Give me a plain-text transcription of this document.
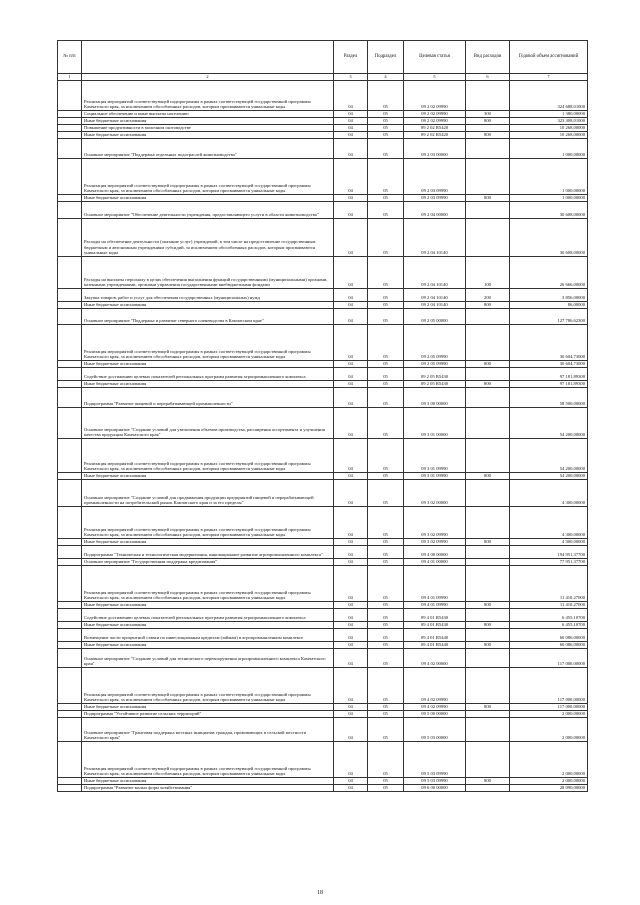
№ п/п		Раздел	Подраздел	Целевая статья	Вид расходов	Годовой объем ассигнований
1	2	3	4	5	6	7
	Реализация мероприятий соответствующей подпрограммы в рамках соответствующей государственной программы Камчатского края, за исключением обособленных расходов, которым присваиваются уникальные коды	04	05	09 2 02 09990		324 688,01000
	Социальное обеспечение и иные выплаты населению	04	05	09 2 02 09990	300	1 380,00000
	Иные бюджетные ассигнования	04	05	09 2 02 09990	800	323 308,01000
	Повышение продуктивности в молочном скотоводстве	04	05	09 2 02 R5420		10 268,00000
	Иные бюджетные ассигнования	04	05	09 2 02 R5420	800	10 268,00000
	Основное мероприятие "Поддержка отдельных подотраслей животноводства"	04	05	09 2 03 00000		1 000,00000
	Реализация мероприятий соответствующей подпрограммы в рамках соответствующей государственной программы Камчатского края, за исключением обособленных расходов, которым присваиваются уникальные коды	04	05	09 2 03 09990		1 000,00000
	Иные бюджетные ассигнования	04	05	09 2 03 09990	800	1 000,00000
	Основное мероприятие "Обеспечение деятельности учреждения, предоставляющего услуги в области животноводства"	04	05	09 2 04 00000		30 608,00000
	Расходы на обеспечение деятельности (оказание услуг) учреждений, в том числе на предоставление государственным бюджетным и автономным учреждениям субсидий, за исключением обособленных расходов, которым присваиваются уникальные коды	04	05	09 2 04 10140		30 608,00000
	Расходы на выплаты персоналу в целях обеспечения выполнения функций государственными (муниципальными) органами, казенными учреждениями, органами управления государственными внебюджетными фондами	04	05	09 2 04 10140	100	26 666,00000
	Закупка товаров, работ и услуг для обеспечения государственных (муниципальных) нужд	04	05	09 2 04 10140	200	3 856,00000
	Иные бюджетные ассигнования	04	05	09 2 04 10140	800	86,00000
	Основное мероприятие "Поддержка и развитие северного оленеводства в Камчатском крае"	04	05	09 2 05 00000		127 786,62300
	Реализация мероприятий соответствующей подпрограммы в рамках соответствующей государственной программы Камчатского края, за исключением обособленных расходов, которым присваиваются уникальные коды	04	05	09 2 05 09990		30 604,73000
	Иные бюджетные ассигнования	04	05	09 2 05 09990	800	30 604,73000
	Содействие достижению целевых показателей региональных программ развития агропромышленного комплекса	04	05	09 2 05 R5430		97 181,89300
	Иные бюджетные ассигнования	04	05	09 2 05 R5430	800	97 181,89300
	Подпрограмма "Развитие пищевой и перерабатывающей промышленности"	04	05	09 3 00 00000		58 500,00000
	Основное мероприятие "Создание условий для увеличения объемов производства, расширения ассортимента и улучшения качества продукции Камчатского края"	04	05	09 3 01 00000		54 200,00000
	Реализация мероприятий соответствующей подпрограммы в рамках соответствующей государственной программы Камчатского края, за исключением обособленных расходов, которым присваиваются уникальные коды	04	05	09 3 01 09990		54 200,00000
	Иные бюджетные ассигнования	04	05	09 3 01 09990	800	54 200,00000
	Основное мероприятие "Создание условий для продвижения продукции предприятий пищевой и перерабатывающей промышленности на потребительский рынок Камчатского края и за его пределы"	04	05	09 3 02 00000		4 300,00000
	Реализация мероприятий соответствующей подпрограммы в рамках соответствующей государственной программы Камчатского края, за исключением обособленных расходов, которым присваиваются уникальные коды	04	05	09 3 02 09990		4 300,00000
	Иные бюджетные ассигнования	04	05	09 3 02 09990	800	4 300,00000
	Подпрограмма "Техническая и технологическая модернизация, инновационное развитие агропромышленного комплекса"	04	05	09 4 00 00000		194 951,37700
	Основное мероприятие "Государственная поддержка кредитования"	04	05	09 4 01 00000		77 951,37700
	Реализация мероприятий соответствующей подпрограммы в рамках соответствующей государственной программы Камчатского края, за исключением обособленных расходов, которым присваиваются уникальные коды	04	05	09 4 01 09990		11 410,27000
	Иные бюджетные ассигнования	04	05	09 4 01 09990	800	11 410,27000
	Содействие достижению целевых показателей региональных программ развития агропромышленного комплекса	04	05	09 4 01 R5430		6 455,10700
	Иные бюджетные ассигнования	04	05	09 4 01 R5430	800	6 455,10700
	Возмещение части процентной ставки по инвестиционным кредитам (займам) в агропромышленном комплексе	04	05	09 4 01 R5440		60 086,00000
	Иные бюджетные ассигнования	04	05	09 4 01 R5440	800	60 086,00000
	Основное мероприятие "Создание условий для технического перевооружения агропромышленного комплекса Камчатского края"	04	05	09 4 02 00000		117 000,00000
	Реализация мероприятий соответствующей подпрограммы в рамках соответствующей государственной программы Камчатского края, за исключением обособленных расходов, которым присваиваются уникальные коды	04	05	09 4 02 09990		117 000,00000
	Иные бюджетные ассигнования	04	05	09 4 02 09990	800	117 000,00000
	Подпрограмма "Устойчивое развитие сельских территорий"	04	05	09 5 00 00000		2 000,00000
	Основное мероприятие "Грантовая поддержка местных инициатив граждан, проживающих в сельской местности Камчатского края"	04	05	09 5 03 00000		2 000,00000
	Реализация мероприятий соответствующей подпрограммы в рамках соответствующей государственной программы Камчатского края, за исключением обособленных расходов, которым присваиваются уникальные коды	04	05	09 5 03 09990		2 000,00000
	Иные бюджетные ассигнования	04	05	09 5 03 09990	800	2 000,00000
	Подпрограмма "Развитие малых форм хозяйствования"	04	05	09 6 00 00000		28 090,00000
18
